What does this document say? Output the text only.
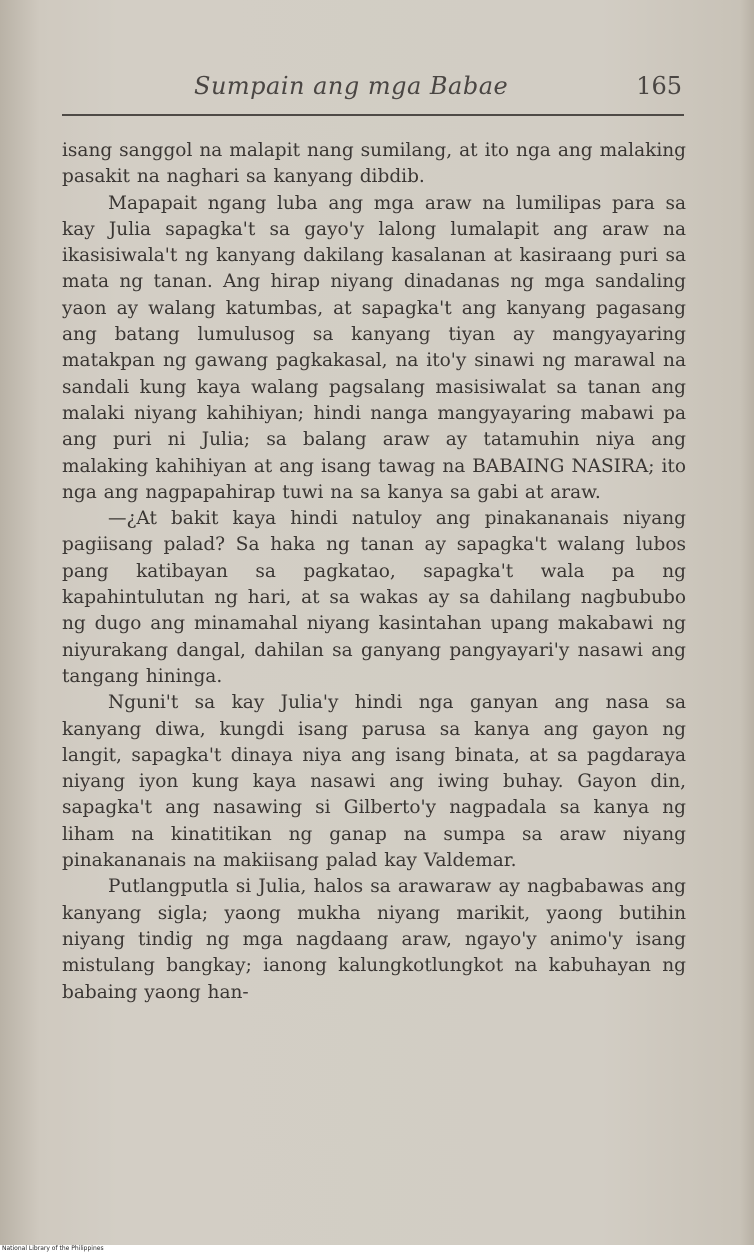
Sumpain ang mga Babae	165

isang sanggol na malapit nang sumilang, at ito nga ang malaking pasakit na naghari sa kanyang dibdib.

Mapapait ngang luba ang mga araw na lumilipas para sa kay Julia sapagka't sa gayo'y lalong lumalapit ang araw na ikasisiwala't ng kanyang dakilang kasalanan at kasiraang puri sa mata ng tanan. Ang hirap niyang dinadanas ng mga sandaling yaon ay walang katumbas, at sapagka't ang kanyang pagasang ang batang lumulusog sa kanyang tiyan ay mangyayaring matakpan ng gawang pagkakasal, na ito'y sinawi ng marawal na sandali kung kaya walang pagsalang masisiwalat sa tanan ang malaki niyang kahihiyan; hindi nanga mangyayaring mabawi pa ang puri ni Julia; sa balang araw ay tatamuhin niya ang malaking kahihiyan at ang isang tawag na BABAING NASIRA; ito nga ang nagpapahirap tuwi na sa kanya sa gabi at araw.

—¿At bakit kaya hindi natuloy ang pinakananais niyang pagiisang palad? Sa haka ng tanan ay sapagka't walang lubos pang katibayan sa pagkatao, sapagka't wala pa ng kapahintulutan ng hari, at sa wakas ay sa dahilang nagbububo ng dugo ang minamahal niyang kasintahan upang makabawi ng niyurakang dangal, dahilan sa ganyang pangyayari'y nasawi ang tangang hininga.

Nguni't sa kay Julia'y hindi nga ganyan ang nasa sa kanyang diwa, kungdi isang parusa sa kanya ang gayon ng langit, sapagka't dinaya niya ang isang binata, at sa pagdaraya niyang iyon kung kaya nasawi ang iwing buhay. Gayon din, sapagka't ang nasawing si Gilberto'y nagpadala sa kanya ng liham na kinatitikan ng ganap na sumpa sa araw niyang pinakananais na makiisang palad kay Valdemar.

Putlangputla si Julia, halos sa arawaraw ay nagbabawas ang kanyang sigla; yaong mukha niyang marikit, yaong butihin niyang tindig ng mga nagdaang araw, ngayo'y animo'y isang mistulang bangkay; ianong kalungkotlungkot na kabuhayan ng babaing yaong han-

National Library of the Philippines
